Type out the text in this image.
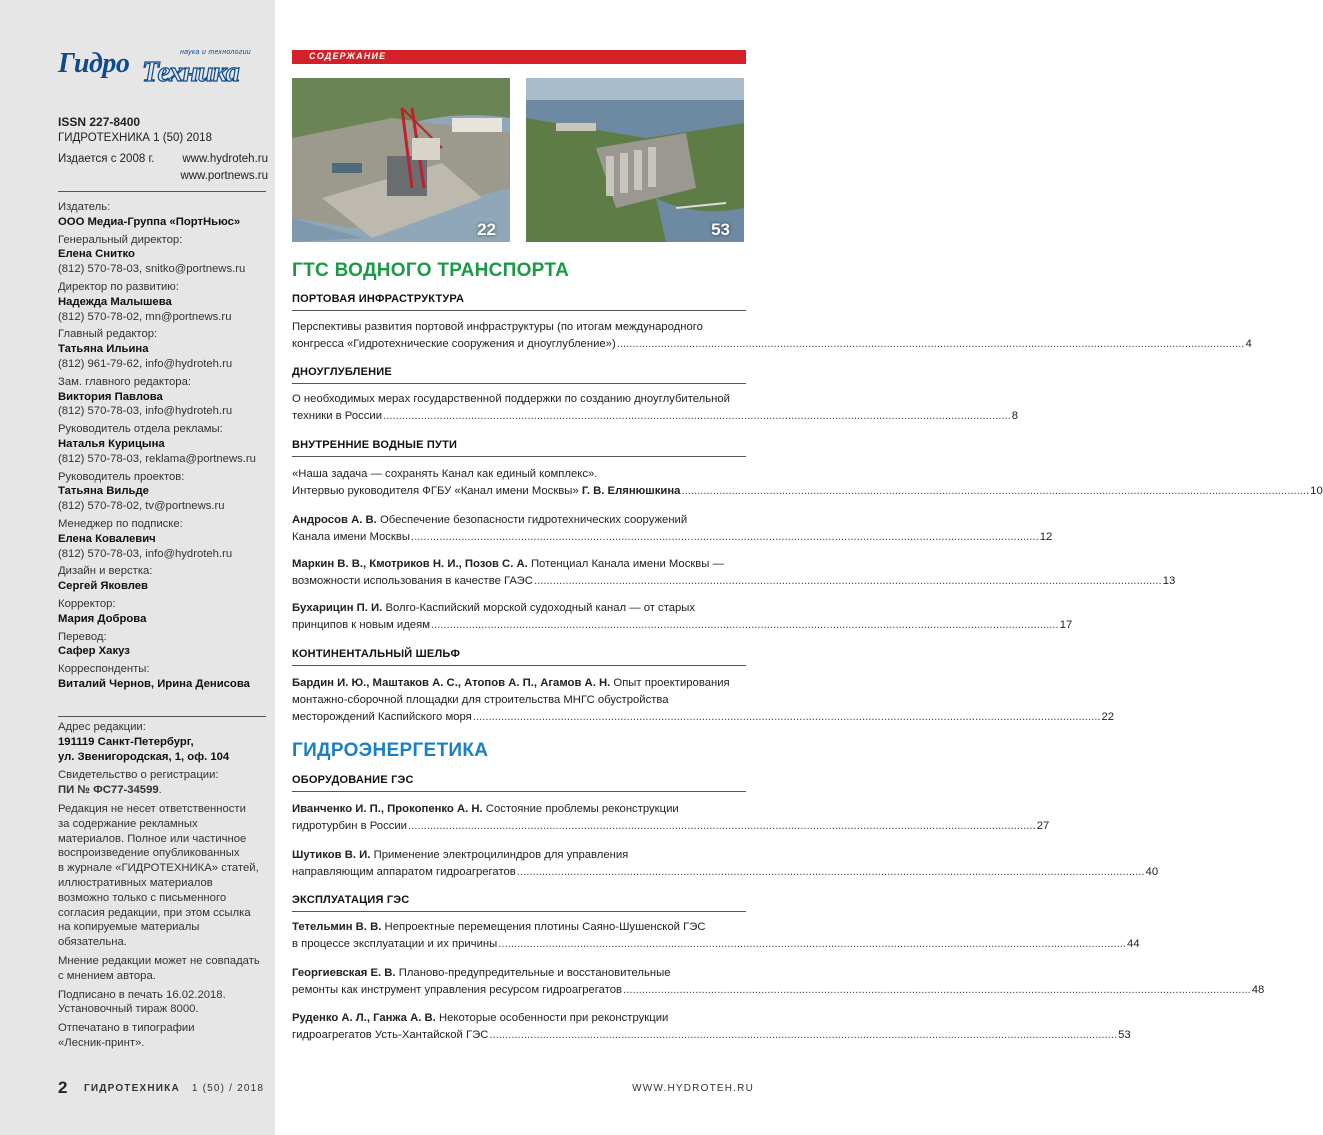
Гидро	наука и технологии
Техника
ISSN 227-8400
ГИДРОТЕХНИКА 1 (50) 2018
Издается с 2008 г. www.hydroteh.ru
www.portnews.ru
Издатель:
ООО Медиа-Группа «ПортНьюс»
Генеральный директор:
Елена Снитко
(812) 570-78-03, snitko@portnews.ru
Директор по развитию:
Надежда Малышева
(812) 570-78-02, mn@portnews.ru
Главный редактор:
Татьяна Ильина
(812) 961-79-62, info@hydroteh.ru
Зам. главного редактора:
Виктория Павлова
(812) 570-78-03, info@hydroteh.ru
Руководитель отдела рекламы:
Наталья Курицына
(812) 570-78-03, reklama@portnews.ru
Руководитель проектов:
Татьяна Вильде
(812) 570-78-02, tv@portnews.ru
Менеджер по подписке:
Елена Ковалевич
(812) 570-78-03, info@hydroteh.ru
Дизайн и верстка:
Сергей Яковлев
Корректор:
Мария Доброва
Перевод:
Сафер Хакуз
Корреспонденты:
Виталий Чернов, Ирина Денисова
Адрес редакции:
191119 Санкт-Петербург,
ул. Звенигородская, 1, оф. 104
Свидетельство о регистрации:
ПИ № ФС77-34599.
Редакция не несет ответственности
за содержание рекламных
материалов. Полное или частичное
воспроизведение опубликованных
в журнале «ГИДРОТЕХНИКА» статей,
иллюстративных материалов
возможно только с письменного
согласия редакции, при этом ссылка
на копируемые материалы обязательна.
Мнение редакции может не совпадать
с мнением автора.
Подписано в печать 16.02.2018.
Установочный тираж 8000.
Отпечатано в типографии
«Лесник-принт».
2 ГИДРОТЕХНИКА 1 (50) / 2018	WWW.HYDROTEH.RU
СОДЕРЖАНИЕ
22	53
ГТС ВОДНОГО ТРАНСПОРТА
ПОРТОВАЯ ИНФРАСТРУКТУРА
Перспективы развития портовой инфраструктуры (по итогам международного
конгресса «Гидротехнические сооружения и дноуглубление») ........................................................................................................................................................................................................ 4
ДНОУГЛУБЛЕНИЕ
О необходимых мерах государственной поддержки по созданию дноуглубительной
техники в России ........................................................................................................................................................................................................ 8
ВНУТРЕННИЕ ВОДНЫЕ ПУТИ
«Наша задача — сохранять Канал как единый комплекс».
Интервью руководителя ФГБУ «Канал имени Москвы» Г. В. Елянюшкина ........................................................................................................................................................................................................ 10
Андросов А. В. Обеспечение безопасности гидротехнических сооружений
Канала имени Москвы ........................................................................................................................................................................................................ 12
Маркин В. В., Кмотриков Н. И., Позов С. А. Потенциал Канала имени Москвы —
возможности использования в качестве ГАЭС ........................................................................................................................................................................................................ 13
Бухарицин П. И. Волго-Каспийский морской судоходный канал — от старых
принципов к новым идеям ........................................................................................................................................................................................................ 17
КОНТИНЕНТАЛЬНЫЙ ШЕЛЬФ
Бардин И. Ю., Маштаков А. С., Атопов А. П., Агамов А. Н. Опыт проектирования
монтажно-сборочной площадки для строительства МНГС обустройства
месторождений Каспийского моря ........................................................................................................................................................................................................ 22
ГИДРОЭНЕРГЕТИКА
ОБОРУДОВАНИЕ ГЭС
Иванченко И. П., Прокопенко А. Н. Состояние проблемы реконструкции
гидротурбин в России ........................................................................................................................................................................................................ 27
Шутиков В. И. Применение электроцилиндров для управления
направляющим аппаратом гидроагрегатов ........................................................................................................................................................................................................ 40
ЭКСПЛУАТАЦИЯ ГЭС
Тетельмин В. В. Непроектные перемещения плотины Саяно-Шушенской ГЭС
в процессе эксплуатации и их причины ........................................................................................................................................................................................................ 44
Георгиевская Е. В. Планово-предупредительные и восстановительные
ремонты как инструмент управления ресурсом гидроагрегатов ........................................................................................................................................................................................................ 48
Руденко А. Л., Ганжа А. В. Некоторые особенности при реконструкции
гидроагрегатов Усть-Хантайской ГЭС ........................................................................................................................................................................................................ 53
